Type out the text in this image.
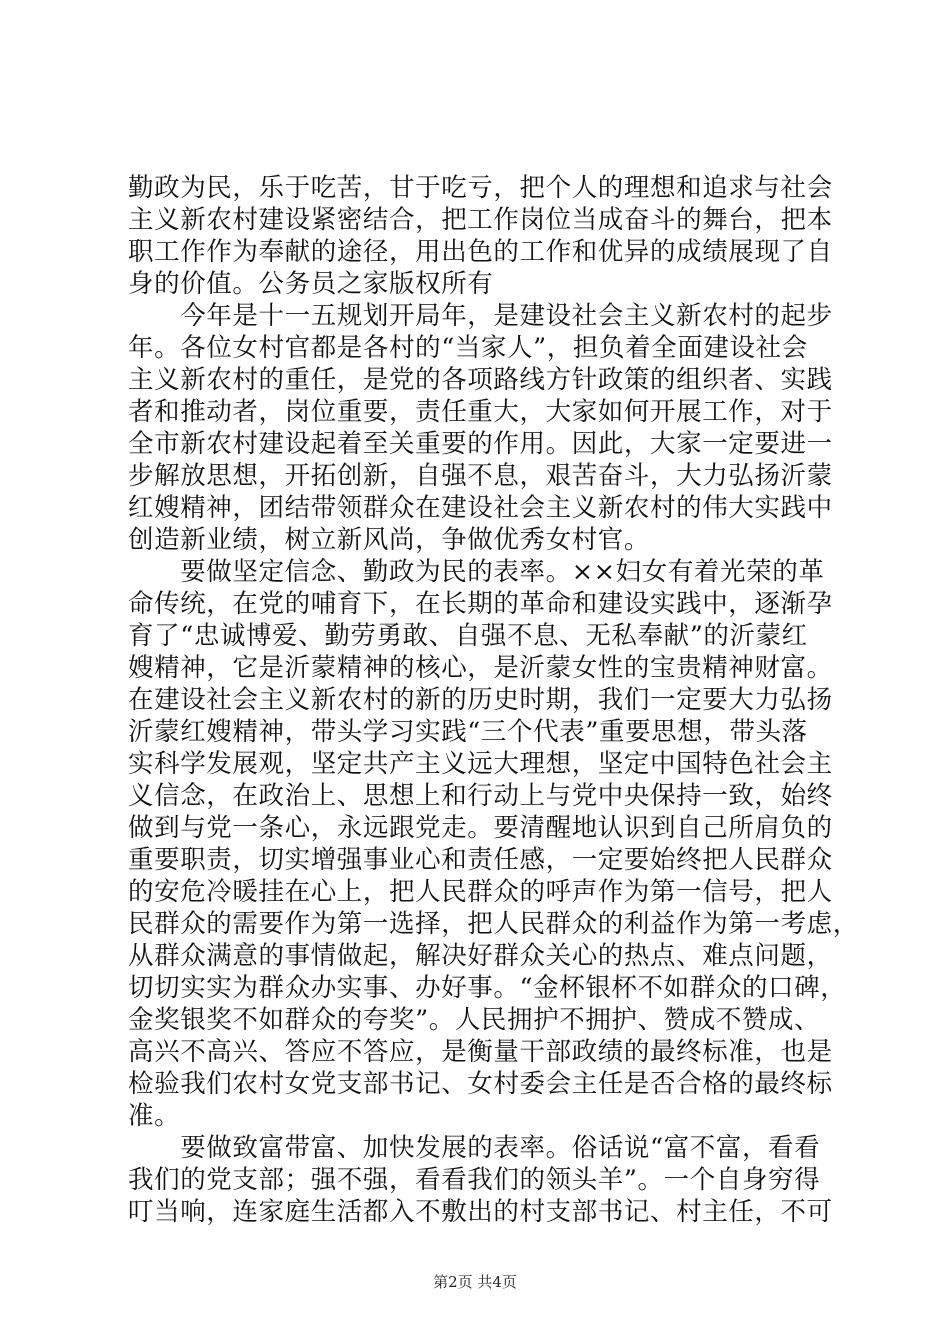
勤政为民，乐于吃苦，甘于吃亏，把个人的理想和追求与社会
主义新农村建设紧密结合，把工作岗位当成奋斗的舞台，把本
职工作作为奉献的途径，用出色的工作和优异的成绩展现了自
身的价值。公务员之家版权所有
　　今年是十一五规划开局年，是建设社会主义新农村的起步
年。各位女村官都是各村的“当家人”，担负着全面建设社会
主义新农村的重任，是党的各项路线方针政策的组织者、实践
者和推动者，岗位重要，责任重大，大家如何开展工作，对于
全市新农村建设起着至关重要的作用。因此，大家一定要进一
步解放思想，开拓创新，自强不息，艰苦奋斗，大力弘扬沂蒙
红嫂精神，团结带领群众在建设社会主义新农村的伟大实践中
创造新业绩，树立新风尚，争做优秀女村官。
　　要做坚定信念、勤政为民的表率。××妇女有着光荣的革
命传统，在党的哺育下，在长期的革命和建设实践中，逐渐孕
育了“忠诚博爱、勤劳勇敢、自强不息、无私奉献”的沂蒙红
嫂精神，它是沂蒙精神的核心，是沂蒙女性的宝贵精神财富。
在建设社会主义新农村的新的历史时期，我们一定要大力弘扬
沂蒙红嫂精神，带头学习实践“三个代表”重要思想，带头落
实科学发展观，坚定共产主义远大理想，坚定中国特色社会主
义信念，在政治上、思想上和行动上与党中央保持一致，始终
做到与党一条心，永远跟党走。要清醒地认识到自己所肩负的
重要职责，切实增强事业心和责任感，一定要始终把人民群众
的安危冷暖挂在心上，把人民群众的呼声作为第一信号，把人
民群众的需要作为第一选择，把人民群众的利益作为第一考虑，
从群众满意的事情做起，解决好群众关心的热点、难点问题，
切切实实为群众办实事、办好事。“金杯银杯不如群众的口碑，
金奖银奖不如群众的夸奖”。人民拥护不拥护、赞成不赞成、
高兴不高兴、答应不答应，是衡量干部政绩的最终标准，也是
检验我们农村女党支部书记、女村委会主任是否合格的最终标
准。
　　要做致富带富、加快发展的表率。俗话说“富不富，看看
我们的党支部；强不强，看看我们的领头羊”。一个自身穷得
叮当响，连家庭生活都入不敷出的村支部书记、村主任，不可
第2页 共4页
